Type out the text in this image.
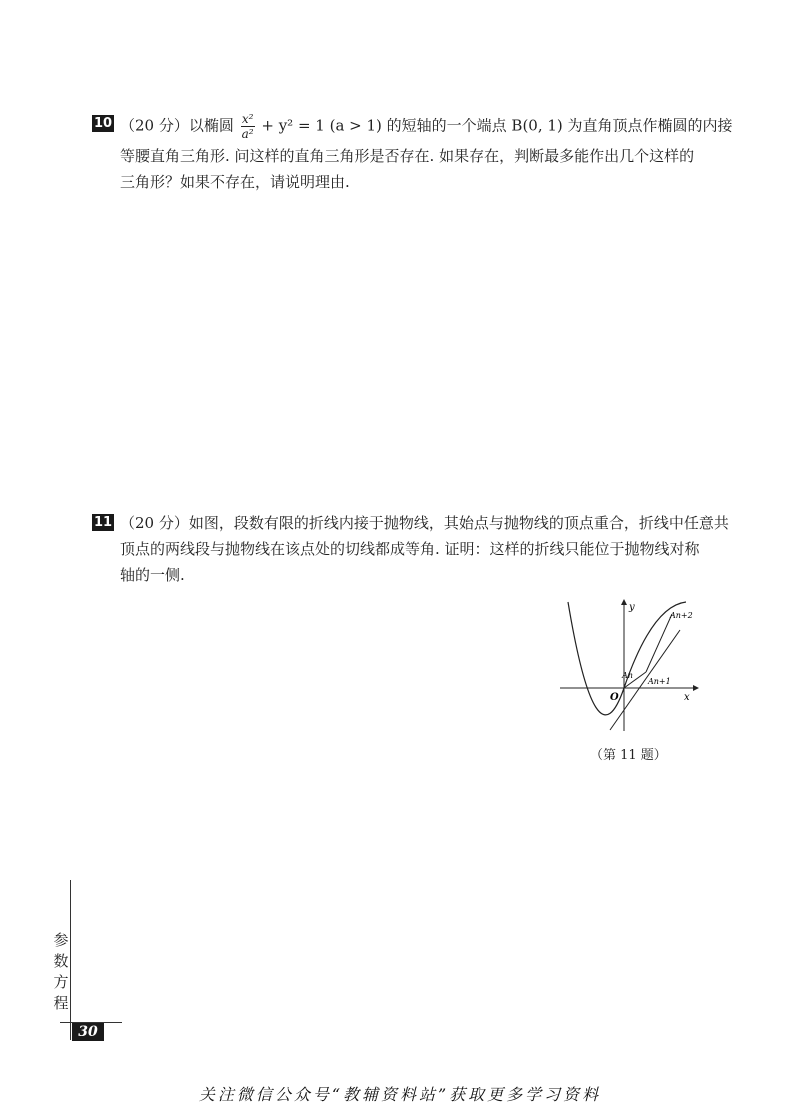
10 （20 分）以椭圆 $\frac{\text{x²}}{\text{a²}} + y^2 = 1$ (a > 1) 的短轴的一个端点 B(0, 1) 为直角顶点作椭圆的内接
等腰直角三角形. 问这样的直角三角形是否存在. 如果存在，判断最多能作出几个这样的
三角形？如果不存在，请说明理由.
11 （20 分）如图，段数有限的折线内接于抛物线，其始点与抛物线的顶点重合，折线中任意共
顶点的两线段与抛物线在该点处的切线都成等角. 证明：这样的折线只能位于抛物线对称
轴的一侧.
y
x
O
An
An+1
An+2
（第 11 题）
参
数
方
程
30
关注微信公众号“教辅资料站”获取更多学习资料
